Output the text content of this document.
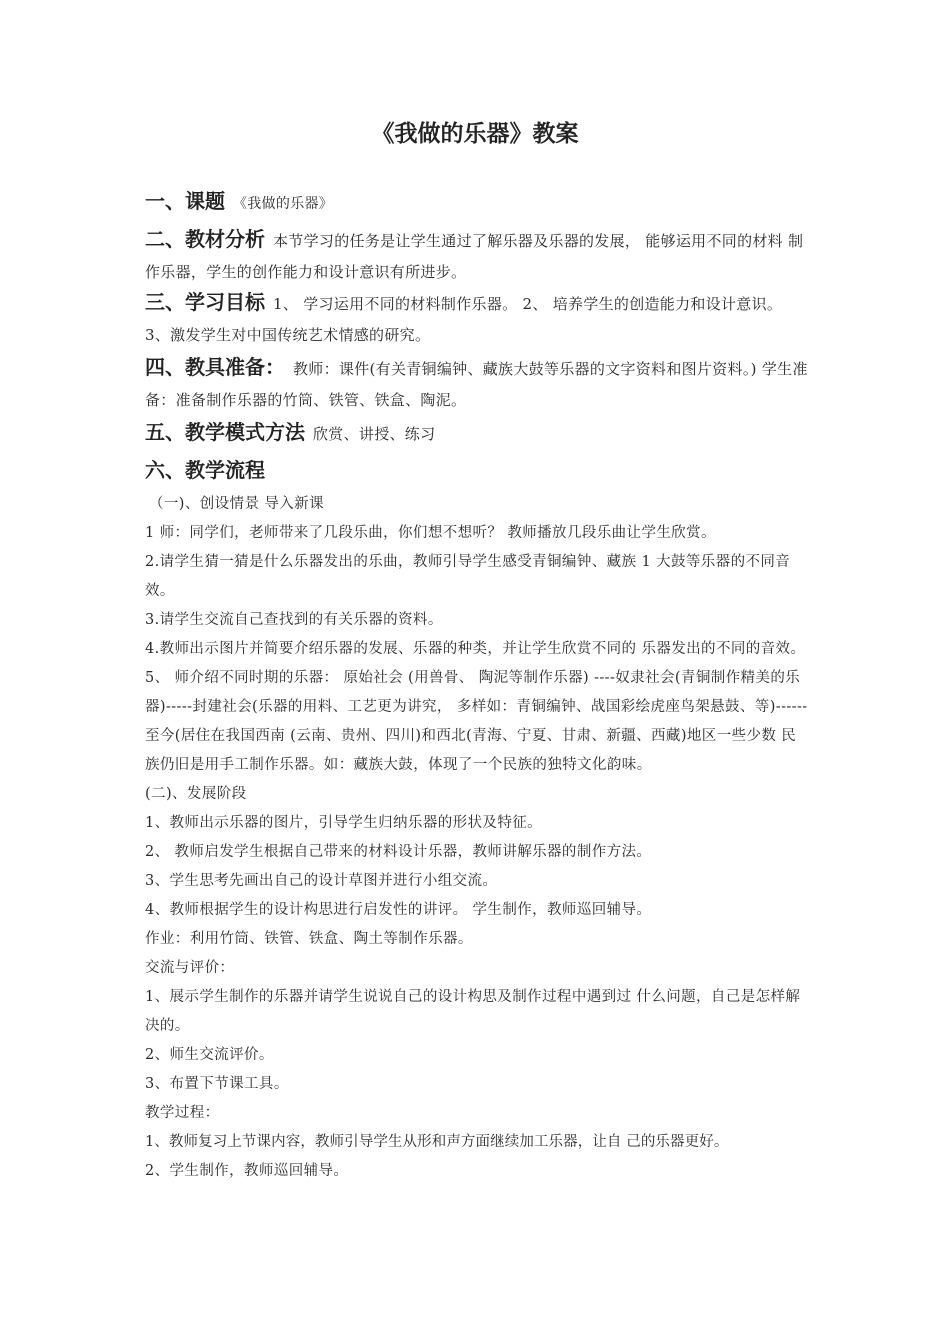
《我做的乐器》教案
一、课题 《我做的乐器》
二、教材分析 本节学习的任务是让学生通过了解乐器及乐器的发展， 能够运用不同的材料 制作乐器，学生的创作能力和设计意识有所进步。
三、学习目标 1、 学习运用不同的材料制作乐器。 2、 培养学生的创造能力和设计意识。 3、激发学生对中国传统艺术情感的研究。
四、教具准备： 教师：课件(有关青铜编钟、藏族大鼓等乐器的文字资料和图片资料。) 学生准备：准备制作乐器的竹筒、铁管、铁盒、陶泥。
五、教学模式方法 欣赏、讲授、练习
六、教学流程

（一)、创设情景 导入新课

1 师：同学们，老师带来了几段乐曲，你们想不想听？ 教师播放几段乐曲让学生欣赏。

2.请学生猜一猜是什么乐器发出的乐曲，教师引导学生感受青铜编钟、藏族 1 大鼓等乐器的不同音效。

3.请学生交流自己查找到的有关乐器的资料。

4.教师出示图片并简要介绍乐器的发展、乐器的种类，并让学生欣赏不同的 乐器发出的不同的音效。 5、 师介绍不同时期的乐器： 原始社会 (用兽骨、 陶泥等制作乐器) ----奴隶社会(青铜制作精美的乐器)-----封建社会(乐器的用料、工艺更为讲究， 多样如：青铜编钟、战国彩绘虎座鸟架悬鼓、等)------至今(居住在我国西南 (云南、贵州、四川)和西北(青海、宁夏、甘肃、新疆、西藏)地区一些少数 民族仍旧是用手工制作乐器。如：藏族大鼓，体现了一个民族的独特文化韵味。

(二)、发展阶段

1、教师出示乐器的图片，引导学生归纳乐器的形状及特征。

2、 教师启发学生根据自己带来的材料设计乐器，教师讲解乐器的制作方法。

3、学生思考先画出自己的设计草图并进行小组交流。

4、教师根据学生的设计构思进行启发性的讲评。 学生制作，教师巡回辅导。

作业：利用竹筒、铁管、铁盒、陶土等制作乐器。

交流与评价：

1、展示学生制作的乐器并请学生说说自己的设计构思及制作过程中遇到过 什么问题，自己是怎样解决的。

2、师生交流评价。

3、布置下节课工具。

教学过程：

1、教师复习上节课内容，教师引导学生从形和声方面继续加工乐器，让自 己的乐器更好。

2、学生制作，教师巡回辅导。
